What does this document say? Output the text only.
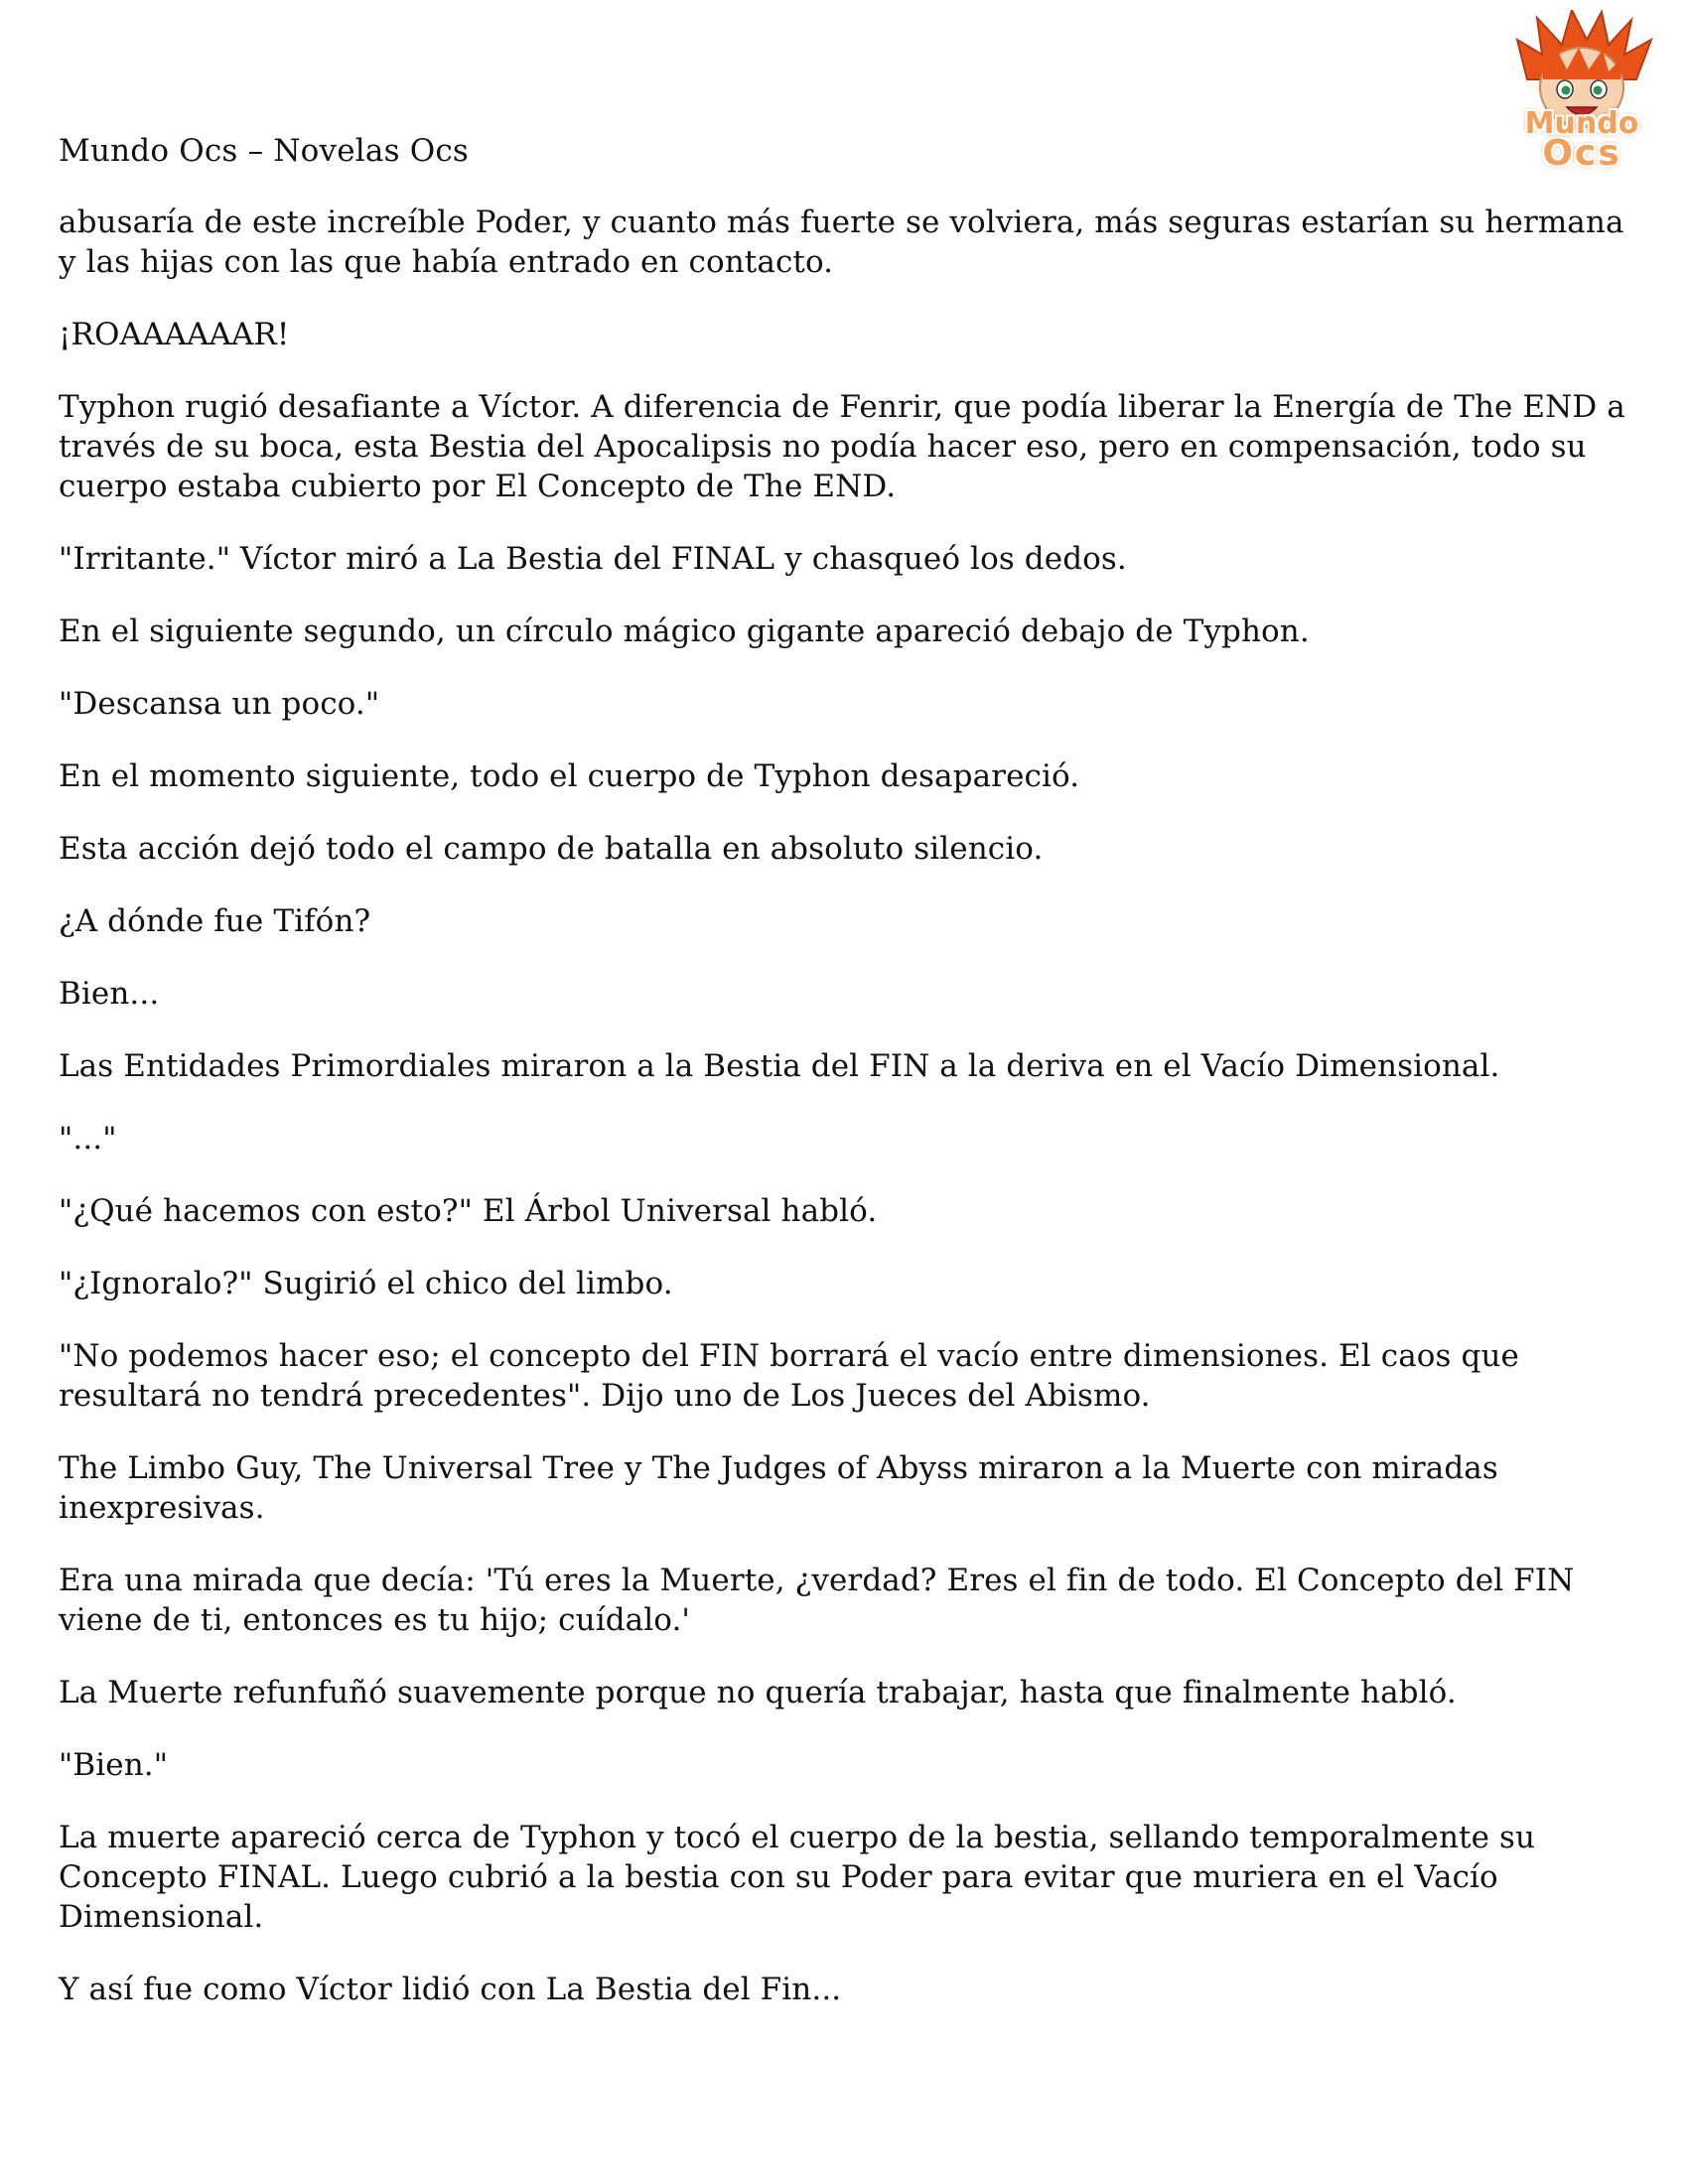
Mundo Ocs – Novelas Ocs
Mundo
Ocs

abusaría de este increíble Poder, y cuanto más fuerte se volviera, más seguras estarían su hermana y las hijas con las que había entrado en contacto.

¡ROAAAAAAR!

Typhon rugió desafiante a Víctor. A diferencia de Fenrir, que podía liberar la Energía de The END a través de su boca, esta Bestia del Apocalipsis no podía hacer eso, pero en compensación, todo su cuerpo estaba cubierto por El Concepto de The END.

"Irritante." Víctor miró a La Bestia del FINAL y chasqueó los dedos.

En el siguiente segundo, un círculo mágico gigante apareció debajo de Typhon.

"Descansa un poco."

En el momento siguiente, todo el cuerpo de Typhon desapareció.

Esta acción dejó todo el campo de batalla en absoluto silencio.

¿A dónde fue Tifón?

Bien...

Las Entidades Primordiales miraron a la Bestia del FIN a la deriva en el Vacío Dimensional.

"..."

"¿Qué hacemos con esto?" El Árbol Universal habló.

"¿Ignoralo?" Sugirió el chico del limbo.

"No podemos hacer eso; el concepto del FIN borrará el vacío entre dimensiones. El caos que resultará no tendrá precedentes". Dijo uno de Los Jueces del Abismo.

The Limbo Guy, The Universal Tree y The Judges of Abyss miraron a la Muerte con miradas inexpresivas.

Era una mirada que decía: 'Tú eres la Muerte, ¿verdad? Eres el fin de todo. El Concepto del FIN viene de ti, entonces es tu hijo; cuídalo.'

La Muerte refunfuñó suavemente porque no quería trabajar, hasta que finalmente habló.

"Bien."

La muerte apareció cerca de Typhon y tocó el cuerpo de la bestia, sellando temporalmente su Concepto FINAL. Luego cubrió a la bestia con su Poder para evitar que muriera en el Vacío Dimensional.

Y así fue como Víctor lidió con La Bestia del Fin...
